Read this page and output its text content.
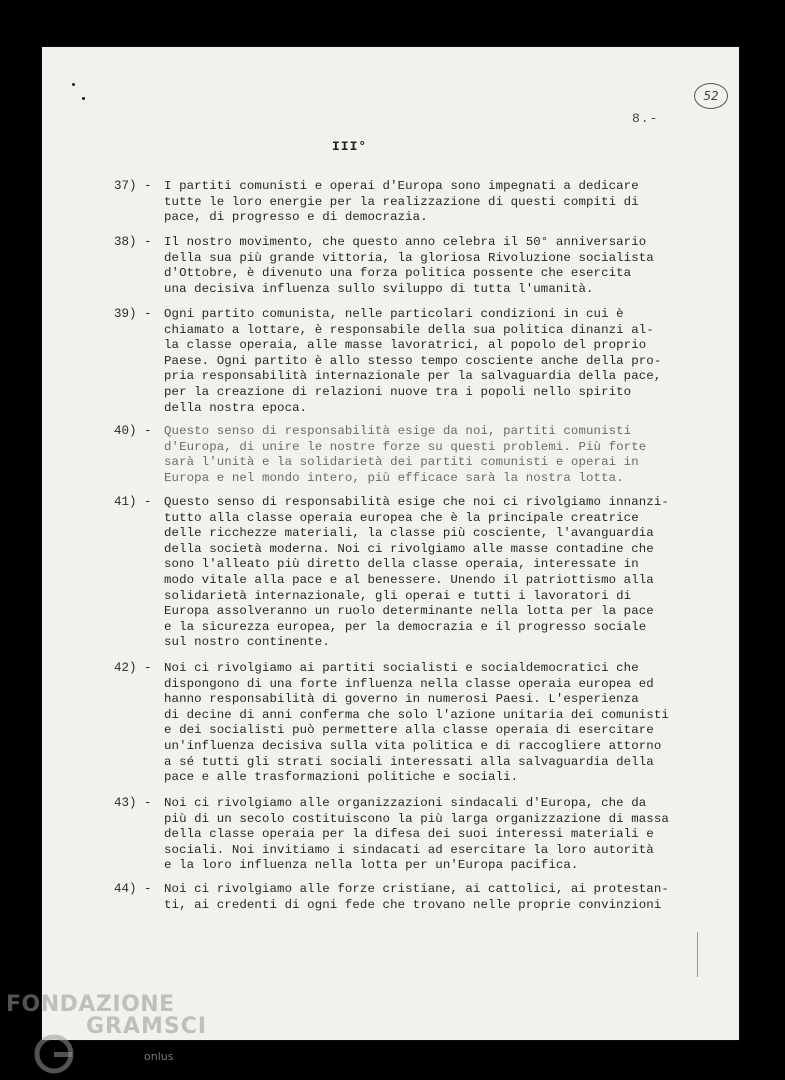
8.-
52
III°
37) -	I partiti comunisti e operai d'Europa sono impegnati a dedicare
tutte le loro energie per la realizzazione di questi compiti di
pace, di progresso e di democrazia.
38) -	Il nostro movimento, che questo anno celebra il 50° anniversario
della sua più grande vittoria, la gloriosa Rivoluzione socialista
d'Ottobre, è divenuto una forza politica possente che esercita
una decisiva influenza sullo sviluppo di tutta l'umanità.
39) -	Ogni partito comunista, nelle particolari condizioni in cui è
chiamato a lottare, è responsabile della sua politica dinanzi al-
la classe operaia, alle masse lavoratrici, al popolo del proprio
Paese. Ogni partito è allo stesso tempo cosciente anche della pro-
pria responsabilità internazionale per la salvaguardia della pace,
per la creazione di relazioni nuove tra i popoli nello spirito
della nostra epoca.
40) -	Questo senso di responsabilità esige da noi, partiti comunisti
d'Europa, di unire le nostre forze su questi problemi. Più forte
sarà l'unità e la solidarietà dei partiti comunisti e operai in
Europa e nel mondo intero, più efficace sarà la nostra lotta.
41) -	Questo senso di responsabilità esige che noi ci rivolgiamo innanzi-
tutto alla classe operaia europea che è la principale creatrice
delle ricchezze materiali, la classe più cosciente, l'avanguardia
della società moderna. Noi ci rivolgiamo alle masse contadine che
sono l'alleato più diretto della classe operaia, interessate in
modo vitale alla pace e al benessere. Unendo il patriottismo alla
solidarietà internazionale, gli operai e tutti i lavoratori di
Europa assolveranno un ruolo determinante nella lotta per la pace
e la sicurezza europea, per la democrazia e il progresso sociale
sul nostro continente.
42) -	Noi ci rivolgiamo ai partiti socialisti e socialdemocratici che
dispongono di una forte influenza nella classe operaia europea ed
hanno responsabilità di governo in numerosi Paesi. L'esperienza
di decine di anni conferma che solo l'azione unitaria dei comunisti
e dei socialisti può permettere alla classe operaia di esercitare
un'influenza decisiva sulla vita politica e di raccogliere attorno
a sé tutti gli strati sociali interessati alla salvaguardia della
pace e alle trasformazioni politiche e sociali.
43) -	Noi ci rivolgiamo alle organizzazioni sindacali d'Europa, che da
più di un secolo costituiscono la più larga organizzazione di massa
della classe operaia per la difesa dei suoi interessi materiali e
sociali. Noi invitiamo i sindacati ad esercitare la loro autorità
e la loro influenza nella lotta per un'Europa pacifica.
44) -	Noi ci rivolgiamo alle forze cristiane, ai cattolici, ai protestan-
ti, ai credenti di ogni fede che trovano nelle proprie convinzioni
FONDAZIONE
GRAMSCI
onlus
